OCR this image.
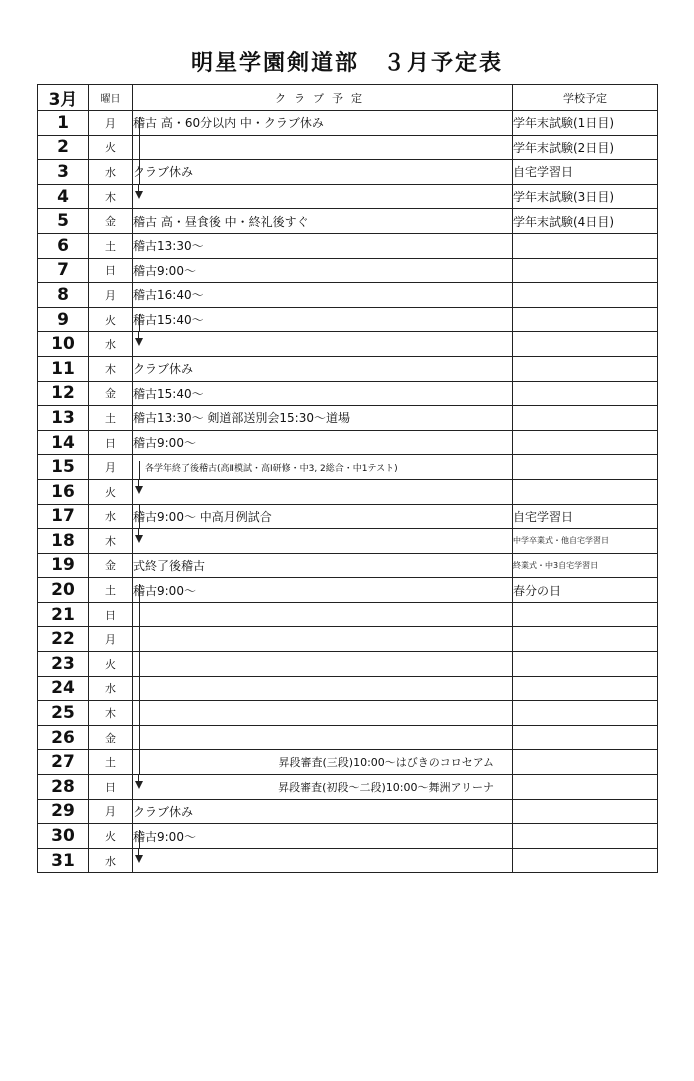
明星学園剣道部　３月予定表
3月	曜日	クラブ予定	学校予定
1	月	稽古 高・60分以内 中・クラブ休み	学年末試験(1日目)
2	火		学年末試験(2日目)
3	水	クラブ休み	自宅学習日
4	木		学年末試験(3日目)
5	金	稽古 高・昼食後 中・終礼後すぐ	学年末試験(4日目)
6	土	稽古13:30～	
7	日	稽古9:00～	
8	月	稽古16:40～	
9	火	稽古15:40～

10	水	

11	木	クラブ休み	
12	金	稽古15:40～	
13	土	稽古13:30～ 剣道部送別会15:30～道場	
14	日	稽古9:00～	
15	月	各学年終了後稽古(高Ⅱ模試・高Ⅰ研修・中3, 2総合・中1テスト)

16	火	

17	水	稽古9:00～ 中高月例試合	自宅学習日
18	木		中学卒業式・他自宅学習日
19	金	式終了後稽古	終業式・中3自宅学習日
20	土	稽古9:00～	春分の日
21	日	

22	月	

23	火	

24	水	

25	木	

26	金	

27	土	昇段審査(三段)10:00～はびきのコロセアム

28	日	昇段審査(初段～二段)10:00～舞洲アリーナ

29	月	クラブ休み	
30	火	稽古9:00～

31	水	
